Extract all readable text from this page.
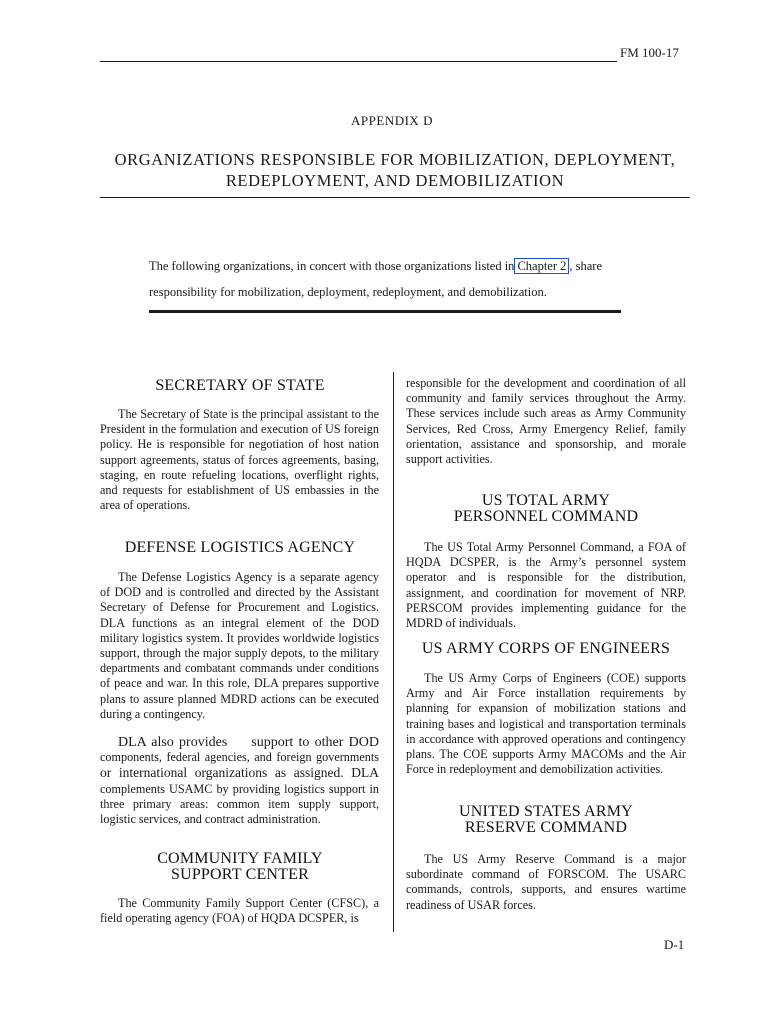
FM 100-17
APPENDIX D
ORGANIZATIONS RESPONSIBLE FOR MOBILIZATION, DEPLOYMENT,
REDEPLOYMENT, AND DEMOBILIZATION
The following organizations, in concert with those organizations listed in Chapter 2 , share
responsibility for mobilization, deployment, redeployment, and demobilization.
SECRETARY OF STATE
The Secretary of State is the principal assistant to the President in the formulation and execution of US foreign policy. He is responsible for negotiation of host nation support agreements, status of forces agreements, basing, staging, en route refueling locations, overflight rights, and requests for establishment of US embassies in the area of operations.
DEFENSE LOGISTICS AGENCY
The Defense Logistics Agency is a separate agency of DOD and is controlled and directed by the Assistant Secretary of Defense for Procurement and Logistics. DLA functions as an integral element of the DOD military logistics system. It provides worldwide logistics support, through the major supply depots, to the military departments and combatant commands under conditions of peace and war. In this role, DLA prepares supportive plans to assure planned MDRD actions can be executed during a contingency.
DLA also provides support to other DOD components, federal agencies, and foreign governments or international organizations as assigned. DLA complements USAMC by providing logistics support in three primary areas: common item supply support, logistic services, and contract administration.
COMMUNITY FAMILY
SUPPORT CENTER
The Community Family Support Center (CFSC), a field operating agency (FOA) of HQDA DCSPER, is
responsible for the development and coordination of all community and family services throughout the Army. These services include such areas as Army Community Services, Red Cross, Army Emergency Relief, family orientation, assistance and sponsorship, and morale support activities.
US TOTAL ARMY
PERSONNEL COMMAND
The US Total Army Personnel Command, a FOA of HQDA DCSPER, is the Army’s personnel system operator and is responsible for the distribution, assignment, and coordination for movement of NRP. PERSCOM provides implementing guidance for the MDRD of individuals.
US ARMY CORPS OF ENGINEERS
The US Army Corps of Engineers (COE) supports Army and Air Force installation requirements by planning for expansion of mobilization stations and training bases and logistical and transportation terminals in accordance with approved operations and contingency plans. The COE supports Army MACOMs and the Air Force in redeployment and demobilization activities.
UNITED STATES ARMY
RESERVE COMMAND
The US Army Reserve Command is a major subordinate command of FORSCOM. The USARC commands, controls, supports, and ensures wartime readiness of USAR forces.
D-1
